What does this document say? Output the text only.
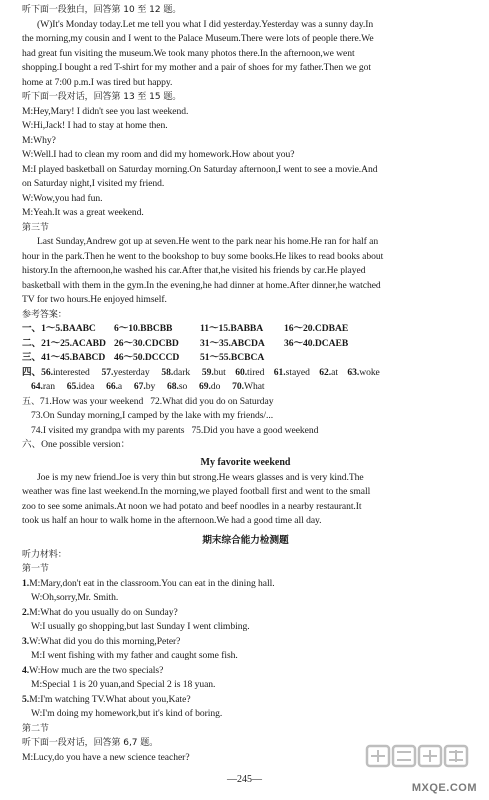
听下面一段独白，回答第 10 至 12 题。
(W)It's Monday today.Let me tell you what I did yesterday.Yesterday was a sunny day.In
the morning,my cousin and I went to the Palace Museum.There were lots of people there.We
had great fun visiting the museum.We took many photos there.In the afternoon,we went
shopping.I bought a red T-shirt for my mother and a pair of shoes for my father.Then we got
home at 7:00 p.m.I was tired but happy.
听下面一段对话，回答第 13 至 15 题。
M:Hey,Mary! I didn't see you last weekend.
W:Hi,Jack! I had to stay at home then.
M:Why?
W:Well.I had to clean my room and did my homework.How about you?
M:I played basketball on Saturday morning.On Saturday afternoon,I went to see a movie.And
on Saturday night,I visited my friend.
W:Wow,you had fun.
M:Yeah.It was a great weekend.
第三节
Last Sunday,Andrew got up at seven.He went to the park near his home.He ran for half an
hour in the park.Then he went to the bookshop to buy some books.He likes to read books about
history.In the afternoon,he washed his car.After that,he visited his friends by car.He played
basketball with them in the gym.In the evening,he had dinner at home.After dinner,he watched
TV for two hours.He enjoyed himself.
参考答案：
一、1～5.BAABC 6～10.BBCBB	11～15.BABBA 16～20.CDBAE
二、21～25.ACABD 26～30.CDCBD 31～35.ABCDA 36～40.DCAEB
三、41～45.BABCD 46～50.DCCCD 51～55.BCBCA
四、56.interested 57.yesterday 58.dark 59.but 60.tired 61.stayed 62.at 63.woke
64.ran 65.idea 66.a 67.by 68.so 69.do 70.What
五、71.How was your weekend 72.What did you do on Saturday
73.On Sunday morning,I camped by the lake with my friends/...
74.I visited my grandpa with my parents 75.Did you have a good weekend
六、One possible version：
My favorite weekend
Joe is my new friend.Joe is very thin but strong.He wears glasses and is very kind.The
weather was fine last weekend.In the morning,we played football first and went to the small
zoo to see some animals.At noon we had potato and beef noodles in a nearby restaurant.It
took us half an hour to walk home in the afternoon.We had a good time all day.
期末综合能力检测题
听力材料：
第一节
1.M:Mary,don't eat in the classroom.You can eat in the dining hall.
W:Oh,sorry,Mr. Smith.
2.M:What do you usually do on Sunday?
W:I usually go shopping,but last Sunday I went climbing.
3.W:What did you do this morning,Peter?
M:I went fishing with my father and caught some fish.
4.W:How much are the two specials?
M:Special 1 is 20 yuan,and Special 2 is 18 yuan.
5.M:I'm watching TV.What about you,Kate?
W:I'm doing my homework,but it's kind of boring.
第二节
听下面一段对话，回答第 6,7 题。
M:Lucy,do you have a new science teacher?
—245—
MXQE.COM
